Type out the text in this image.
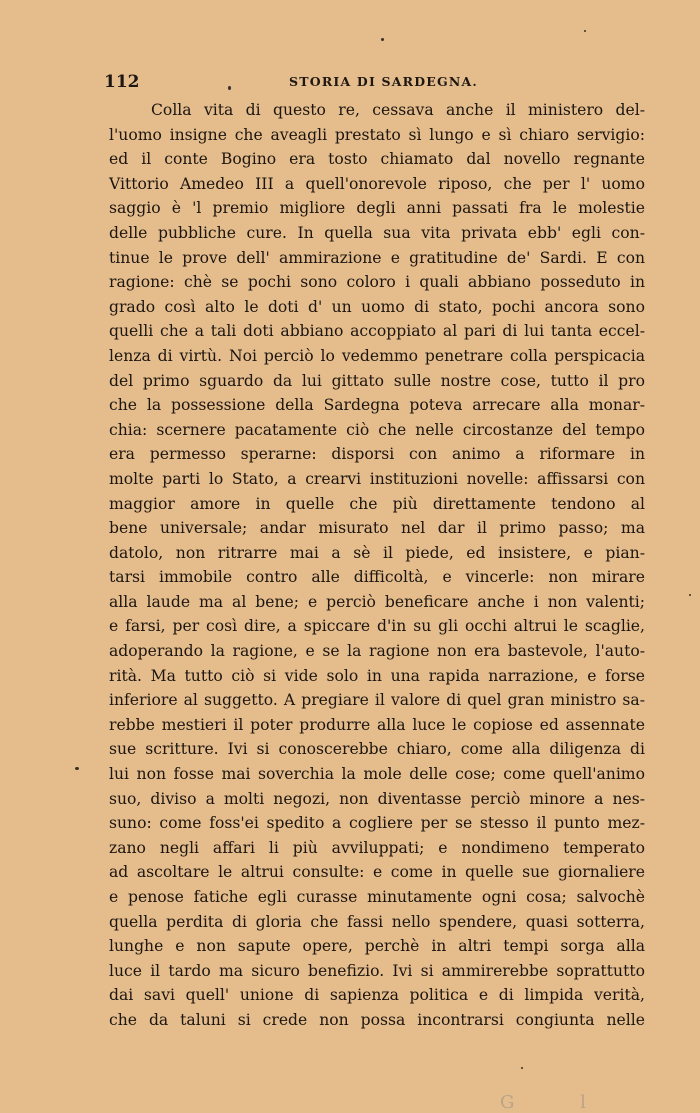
112	STORIA DI SARDEGNA.
Colla vita di questo re, cessava anche il ministero del-
l'uomo insigne che aveagli prestato sì lungo e sì chiaro servigio:
ed il conte Bogino era tosto chiamato dal novello regnante
Vittorio Amedeo III a quell'onorevole riposo, che per l' uomo
saggio è 'l premio migliore degli anni passati fra le molestie
delle pubbliche cure. In quella sua vita privata ebb' egli con-
tinue le prove dell' ammirazione e gratitudine de' Sardi. E con
ragione: chè se pochi sono coloro i quali abbiano posseduto in
grado così alto le doti d' un uomo di stato, pochi ancora sono
quelli che a tali doti abbiano accoppiato al pari di lui tanta eccel-
lenza di virtù. Noi perciò lo vedemmo penetrare colla perspicacia
del primo sguardo da lui gittato sulle nostre cose, tutto il pro
che la possessione della Sardegna poteva arrecare alla monar-
chia: scernere pacatamente ciò che nelle circostanze del tempo
era permesso sperarne: disporsi con animo a riformare in
molte parti lo Stato, a crearvi instituzioni novelle: affissarsi con
maggior amore in quelle che più direttamente tendono al
bene universale; andar misurato nel dar il primo passo; ma
datolo, non ritrarre mai a sè il piede, ed insistere, e pian-
tarsi immobile contro alle difficoltà, e vincerle: non mirare
alla laude ma al bene; e perciò beneficare anche i non valenti;
e farsi, per così dire, a spiccare d'in su gli occhi altrui le scaglie,
adoperando la ragione, e se la ragione non era bastevole, l'auto-
rità. Ma tutto ciò si vide solo in una rapida narrazione, e forse
inferiore al suggetto. A pregiare il valore di quel gran ministro sa-
rebbe mestieri il poter produrre alla luce le copiose ed assennate
sue scritture. Ivi si conoscerebbe chiaro, come alla diligenza di
lui non fosse mai soverchia la mole delle cose; come quell'animo
suo, diviso a molti negozi, non diventasse perciò minore a nes-
suno: come foss'ei spedito a cogliere per se stesso il punto mez-
zano negli affari li più avviluppati; e nondimeno temperato
ad ascoltare le altrui consulte: e come in quelle sue giornaliere
e penose fatiche egli curasse minutamente ogni cosa; salvochè
quella perdita di gloria che fassi nello spendere, quasi sotterra,
lunghe e non sapute opere, perchè in altri tempi sorga alla
luce il tardo ma sicuro benefizio. Ivi si ammirerebbe soprattutto
dai savi quell' unione di sapienza politica e di limpida verità,
che da taluni si crede non possa incontrarsi congiunta nelle
G l
